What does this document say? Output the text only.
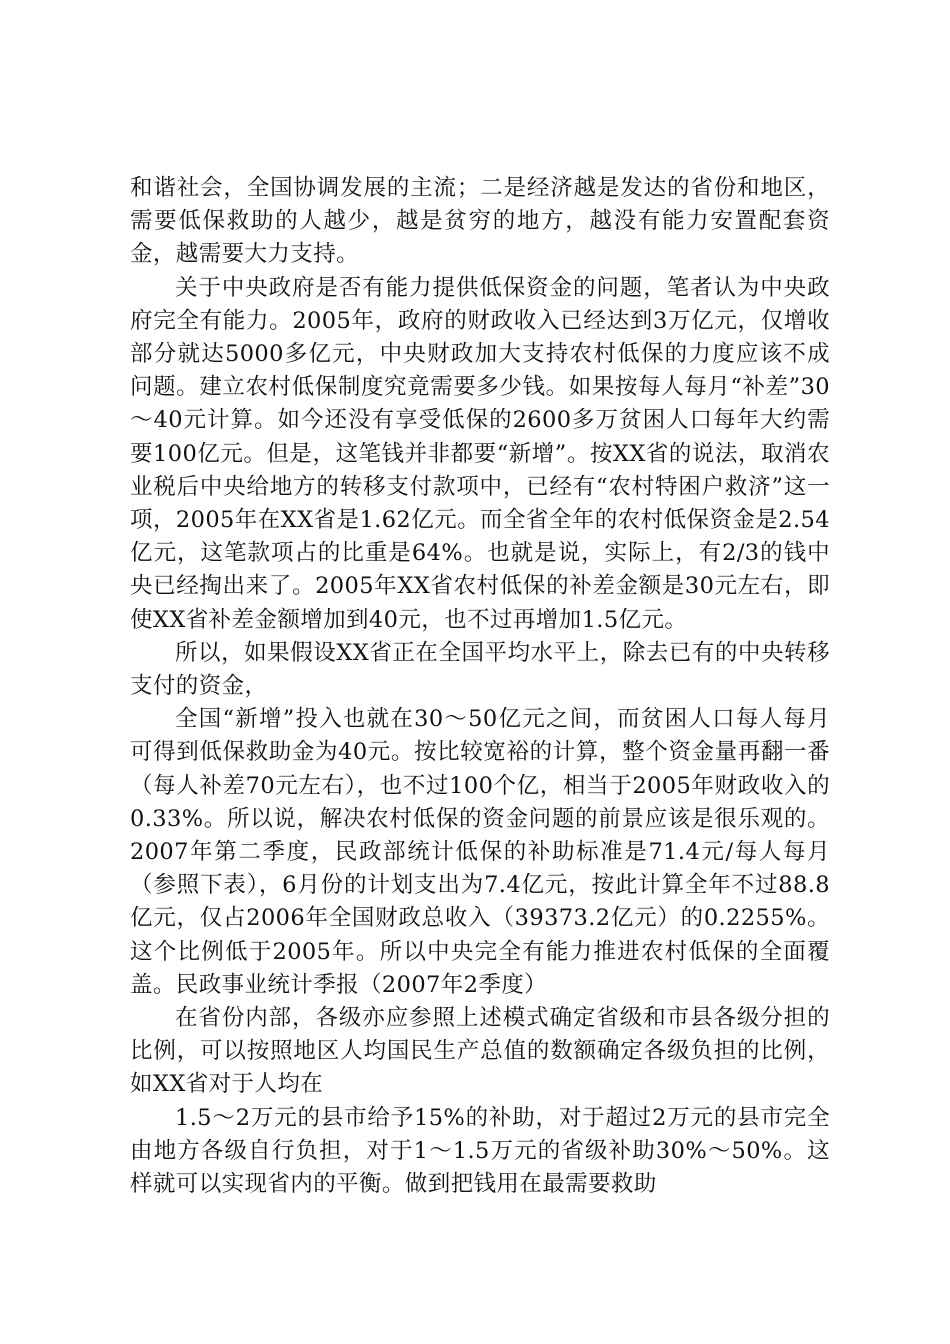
和谐社会，全国协调发展的主流；二是经济越是发达的省份和地区，需要低保救助的人越少，越是贫穷的地方，越没有能力安置配套资金，越需要大力支持。

关于中央政府是否有能力提供低保资金的问题，笔者认为中央政府完全有能力。2005年，政府的财政收入已经达到3万亿元，仅增收部分就达5000多亿元，中央财政加大支持农村低保的力度应该不成问题。建立农村低保制度究竟需要多少钱。如果按每人每月“补差”30～40元计算。如今还没有享受低保的2600多万贫困人口每年大约需要100亿元。但是，这笔钱并非都要“新增”。按XX省的说法，取消农业税后中央给地方的转移支付款项中，已经有“农村特困户救济”这一项，2005年在XX省是1.62亿元。而全省全年的农村低保资金是2.54亿元，这笔款项占的比重是64%。也就是说，实际上，有2/3的钱中央已经掏出来了。2005年XX省农村低保的补差金额是30元左右，即使XX省补差金额增加到40元，也不过再增加1.5亿元。

所以，如果假设XX省正在全国平均水平上，除去已有的中央转移支付的资金，

全国“新增”投入也就在30～50亿元之间，而贫困人口每人每月可得到低保救助金为40元。按比较宽裕的计算，整个资金量再翻一番（每人补差70元左右），也不过100个亿，相当于2005年财政收入的0.33%。所以说，解决农村低保的资金问题的前景应该是很乐观的。2007年第二季度，民政部统计低保的补助标准是71.4元/每人每月（参照下表），6月份的计划支出为7.4亿元，按此计算全年不过88.8亿元，仅占2006年全国财政总收入（39373.2亿元）的0.2255%。这个比例低于2005年。所以中央完全有能力推进农村低保的全面覆盖。民政事业统计季报（2007年2季度）

在省份内部，各级亦应参照上述模式确定省级和市县各级分担的比例，可以按照地区人均国民生产总值的数额确定各级负担的比例，如XX省对于人均在

1.5～2万元的县市给予15%的补助，对于超过2万元的县市完全由地方各级自行负担，对于1～1.5万元的省级补助30%～50%。这样就可以实现省内的平衡。做到把钱用在最需要救助
